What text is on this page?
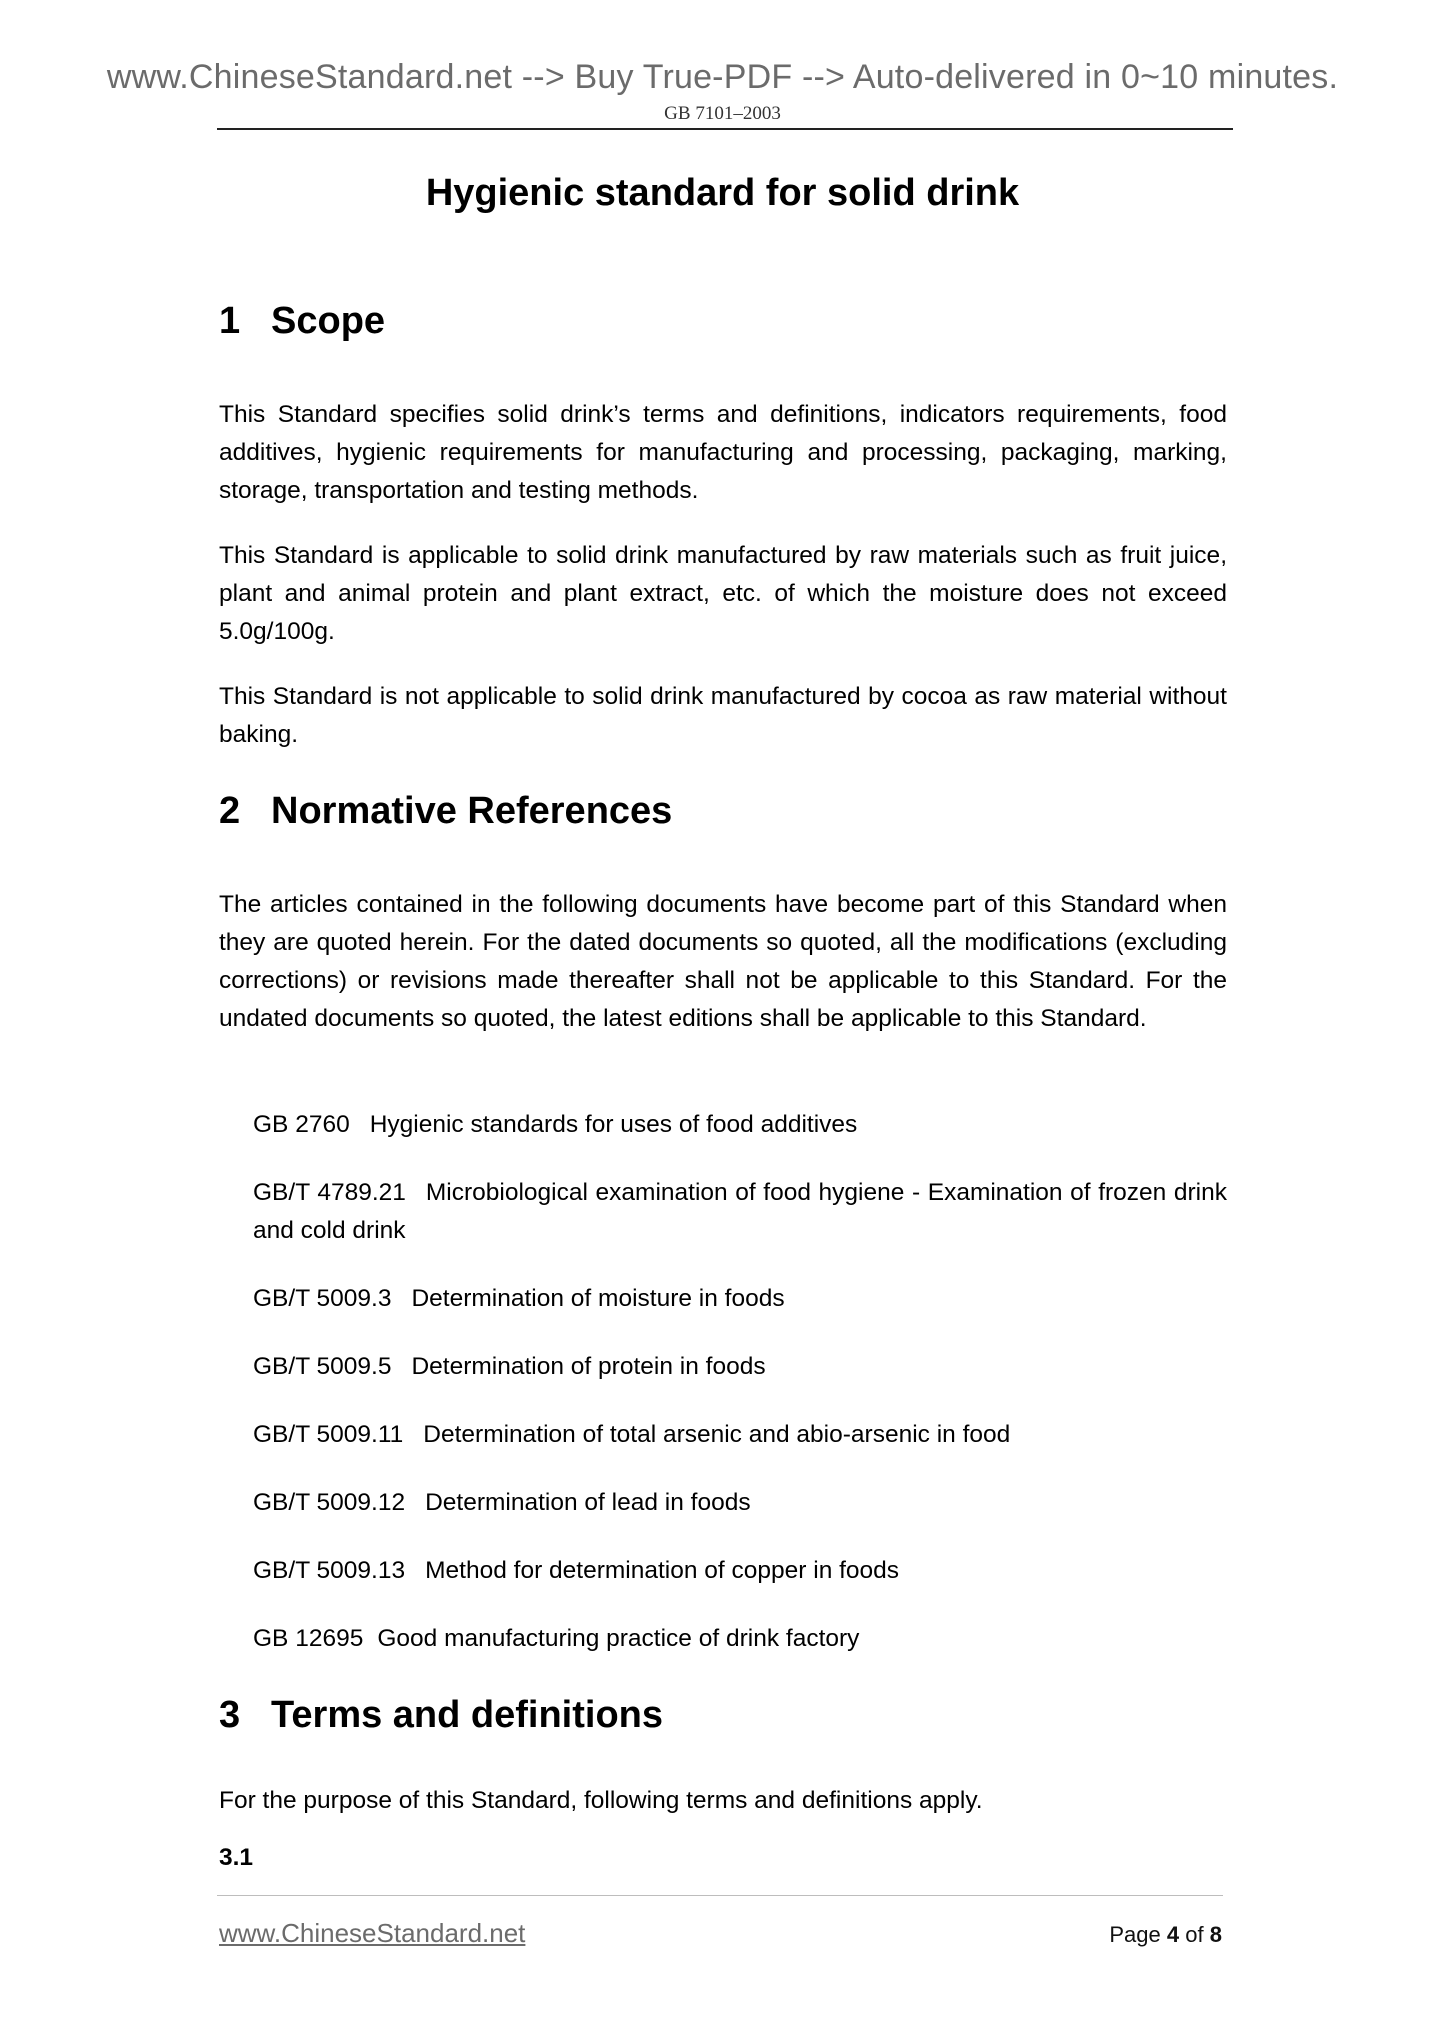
www.ChineseStandard.net --> Buy True-PDF --> Auto-delivered in 0~10 minutes.
GB 7101–2003
Hygienic standard for solid drink
1 Scope
This Standard specifies solid drink’s terms and definitions, indicators requirements, food additives, hygienic requirements for manufacturing and processing, packaging, marking, storage, transportation and testing methods.
This Standard is applicable to solid drink manufactured by raw materials such as fruit juice, plant and animal protein and plant extract, etc. of which the moisture does not exceed 5.0g/100g.
This Standard is not applicable to solid drink manufactured by cocoa as raw material without baking.
2 Normative References
The articles contained in the following documents have become part of this Standard when they are quoted herein. For the dated documents so quoted, all the modifications (excluding corrections) or revisions made thereafter shall not be applicable to this Standard. For the undated documents so quoted, the latest editions shall be applicable to this Standard.
GB 2760 Hygienic standards for uses of food additives
GB/T 4789.21 Microbiological examination of food hygiene - Examination of frozen drink and cold drink
GB/T 5009.3 Determination of moisture in foods
GB/T 5009.5 Determination of protein in foods
GB/T 5009.11 Determination of total arsenic and abio-arsenic in food
GB/T 5009.12 Determination of lead in foods
GB/T 5009.13 Method for determination of copper in foods
GB 12695 Good manufacturing practice of drink factory
3 Terms and definitions
For the purpose of this Standard, following terms and definitions apply.
3.1
www.ChineseStandard.net	Page 4 of 8
